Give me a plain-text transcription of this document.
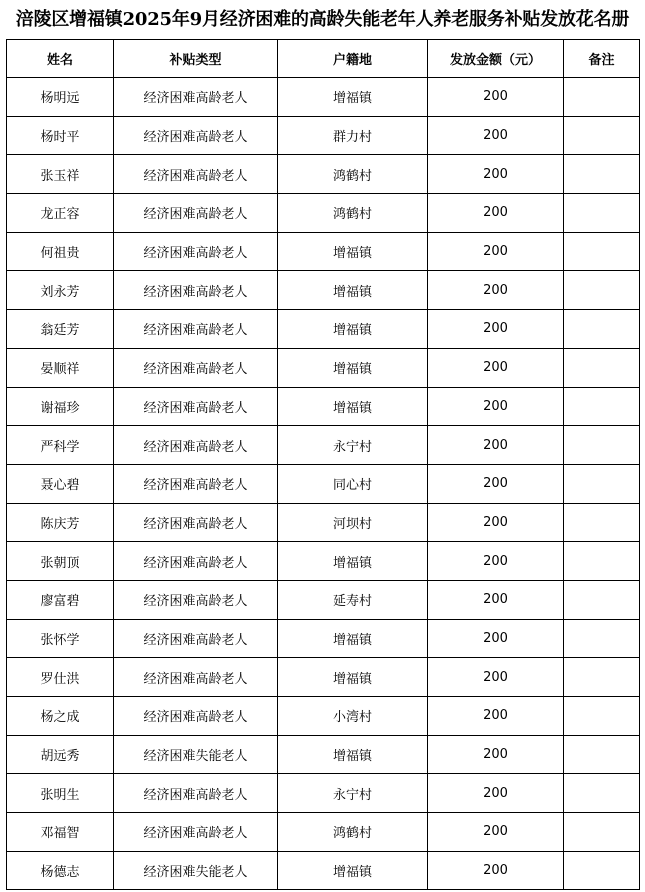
涪陵区增福镇2025年9月经济困难的高龄失能老年人养老服务补贴发放花名册
姓名	补贴类型	户籍地	发放金额（元）	备注
杨明远	经济困难高龄老人	增福镇	200	
杨时平	经济困难高龄老人	群力村	200	
张玉祥	经济困难高龄老人	鸿鹤村	200	
龙正容	经济困难高龄老人	鸿鹤村	200	
何祖贵	经济困难高龄老人	增福镇	200	
刘永芳	经济困难高龄老人	增福镇	200	
翁廷芳	经济困难高龄老人	增福镇	200	
晏顺祥	经济困难高龄老人	增福镇	200	
谢福珍	经济困难高龄老人	增福镇	200	
严科学	经济困难高龄老人	永宁村	200	
聂心碧	经济困难高龄老人	同心村	200	
陈庆芳	经济困难高龄老人	河坝村	200	
张朝顶	经济困难高龄老人	增福镇	200	
廖富碧	经济困难高龄老人	延寿村	200	
张怀学	经济困难高龄老人	增福镇	200	
罗仕洪	经济困难高龄老人	增福镇	200	
杨之成	经济困难高龄老人	小湾村	200	
胡远秀	经济困难失能老人	增福镇	200	
张明生	经济困难高龄老人	永宁村	200	
邓福智	经济困难高龄老人	鸿鹤村	200	
杨德志	经济困难失能老人	增福镇	200	
